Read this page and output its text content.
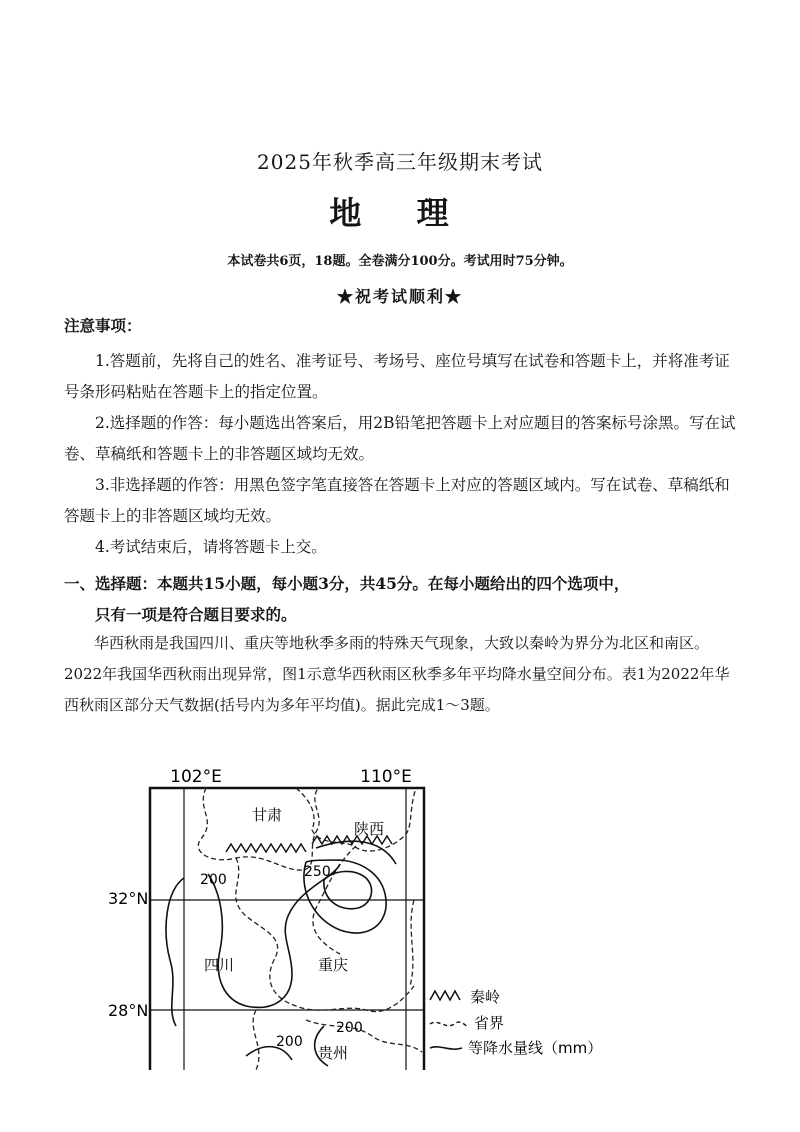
2025年秋季高三年级期末考试
地 理
本试卷共6页，18题。全卷满分100分。考试用时75分钟。
★祝考试顺利★
注意事项：

1.答题前，先将自己的姓名、准考证号、考场号、座位号填写在试卷和答题卡上，并将准考证号条形码粘贴在答题卡上的指定位置。

2.选择题的作答：每小题选出答案后，用2B铅笔把答题卡上对应题目的答案标号涂黑。写在试卷、草稿纸和答题卡上的非答题区域均无效。

3.非选择题的作答：用黑色签字笔直接答在答题卡上对应的答题区域内。写在试卷、草稿纸和答题卡上的非答题区域均无效。

4.考试结束后，请将答题卡上交。

一、选择题：本题共15小题，每小题3分，共45分。在每小题给出的四个选项中，
只有一项是符合题目要求的。
华西秋雨是我国四川、重庆等地秋季多雨的特殊天气现象，大致以秦岭为界分为北区和南区。2022年我国华西秋雨出现异常，图1示意华西秋雨区秋季多年平均降水量空间分布。表1为2022年华西秋雨区部分天气数据(括号内为多年平均值)。据此完成1～3题。
102°E	110°E
32°N
28°N
200	250
200
200
甘肃
陕西
四川	重庆
贵州
秦岭
省界
等降水量线（mm）
